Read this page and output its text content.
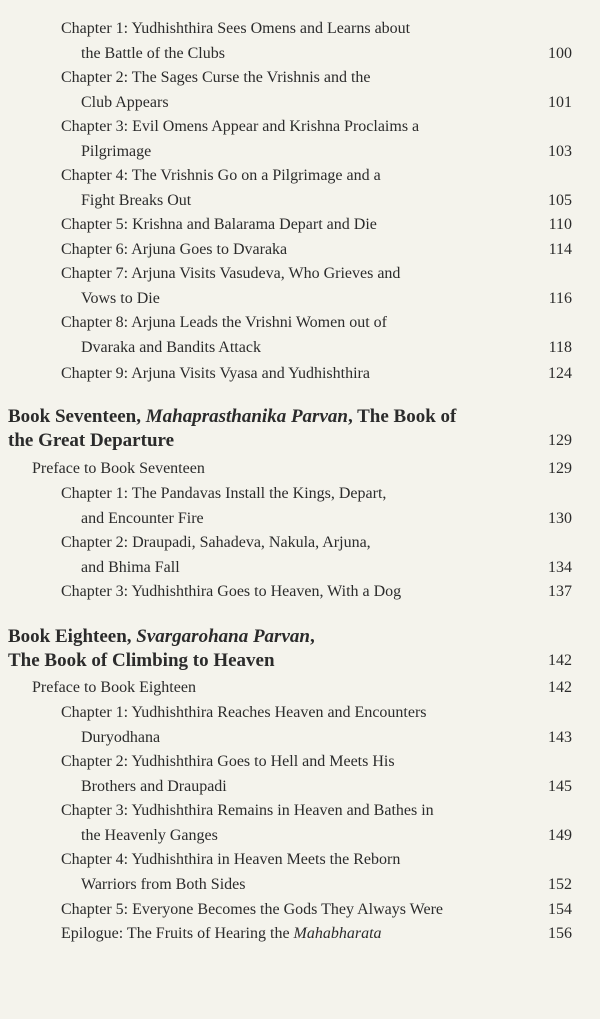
Chapter 1: Yudhishthira Sees Omens and Learns about
the Battle of the Clubs	100
Chapter 2: The Sages Curse the Vrishnis and the
Club Appears	101
Chapter 3: Evil Omens Appear and Krishna Proclaims a
Pilgrimage	103
Chapter 4: The Vrishnis Go on a Pilgrimage and a
Fight Breaks Out	105
Chapter 5: Krishna and Balarama Depart and Die	110
Chapter 6: Arjuna Goes to Dvaraka	114
Chapter 7: Arjuna Visits Vasudeva, Who Grieves and
Vows to Die	116
Chapter 8: Arjuna Leads the Vrishni Women out of
Dvaraka and Bandits Attack	118
Chapter 9: Arjuna Visits Vyasa and Yudhishthira	124
Book Seventeen, Mahaprasthanika Parvan, The Book of
the Great Departure	129
Preface to Book Seventeen	129
Chapter 1: The Pandavas Install the Kings, Depart,
and Encounter Fire	130
Chapter 2: Draupadi, Sahadeva, Nakula, Arjuna,
and Bhima Fall	134
Chapter 3: Yudhishthira Goes to Heaven, With a Dog	137
Book Eighteen, Svargarohana Parvan,
The Book of Climbing to Heaven	142
Preface to Book Eighteen	142
Chapter 1: Yudhishthira Reaches Heaven and Encounters
Duryodhana	143
Chapter 2: Yudhishthira Goes to Hell and Meets His
Brothers and Draupadi	145
Chapter 3: Yudhishthira Remains in Heaven and Bathes in
the Heavenly Ganges	149
Chapter 4: Yudhishthira in Heaven Meets the Reborn
Warriors from Both Sides	152
Chapter 5: Everyone Becomes the Gods They Always Were	154
Epilogue: The Fruits of Hearing the Mahabharata	156
